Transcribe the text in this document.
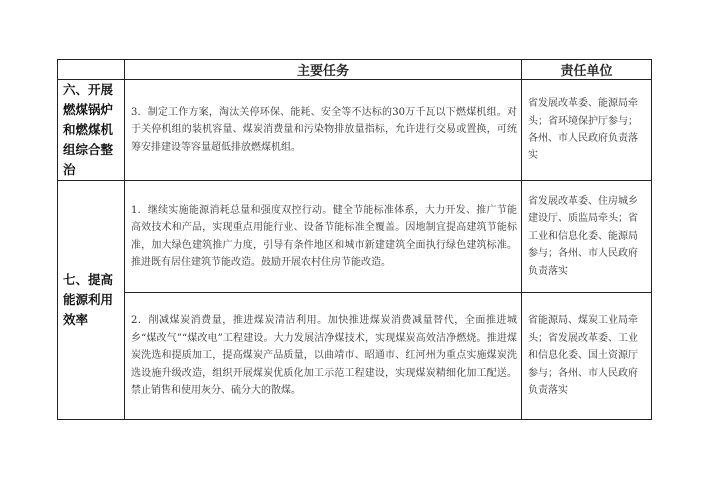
	主要任务	责任单位
六、开展燃煤锅炉和燃煤机组综合整治	3．制定工作方案，淘汰关停环保、能耗、安全等不达标的30万千瓦以下燃煤机组。对于关停机组的装机容量、煤炭消费量和污染物排放量指标，允许进行交易或置换，可统筹安排建设等容量超低排放燃煤机组。	省发展改革委、能源局牵头；省环境保护厅参与；各州、市人民政府负责落实
七、提高能源利用效率	1．继续实施能源消耗总量和强度双控行动。健全节能标准体系，大力开发、推广节能高效技术和产品，实现重点用能行业、设备节能标准全覆盖。因地制宜提高建筑节能标准，加大绿色建筑推广力度，引导有条件地区和城市新建建筑全面执行绿色建筑标准。推进既有居住建筑节能改造。鼓励开展农村住房节能改造。	省发展改革委、住房城乡建设厅、质监局牵头；省工业和信息化委、能源局参与；各州、市人民政府负责落实
	2．削减煤炭消费量，推进煤炭清洁利用。加快推进煤炭消费减量替代，全面推进城乡“煤改气”“煤改电”工程建设。大力发展洁净煤技术，实现煤炭高效洁净燃烧。推进煤炭洗选和提质加工，提高煤炭产品质量，以曲靖市、昭通市、红河州为重点实施煤炭洗选设施升级改造，组织开展煤炭优质化加工示范工程建设，实现煤炭精细化加工配送。禁止销售和使用灰分、硫分大的散煤。	省能源局、煤炭工业局牵头；省发展改革委、工业和信息化委、国土资源厅参与；各州、市人民政府负责落实
